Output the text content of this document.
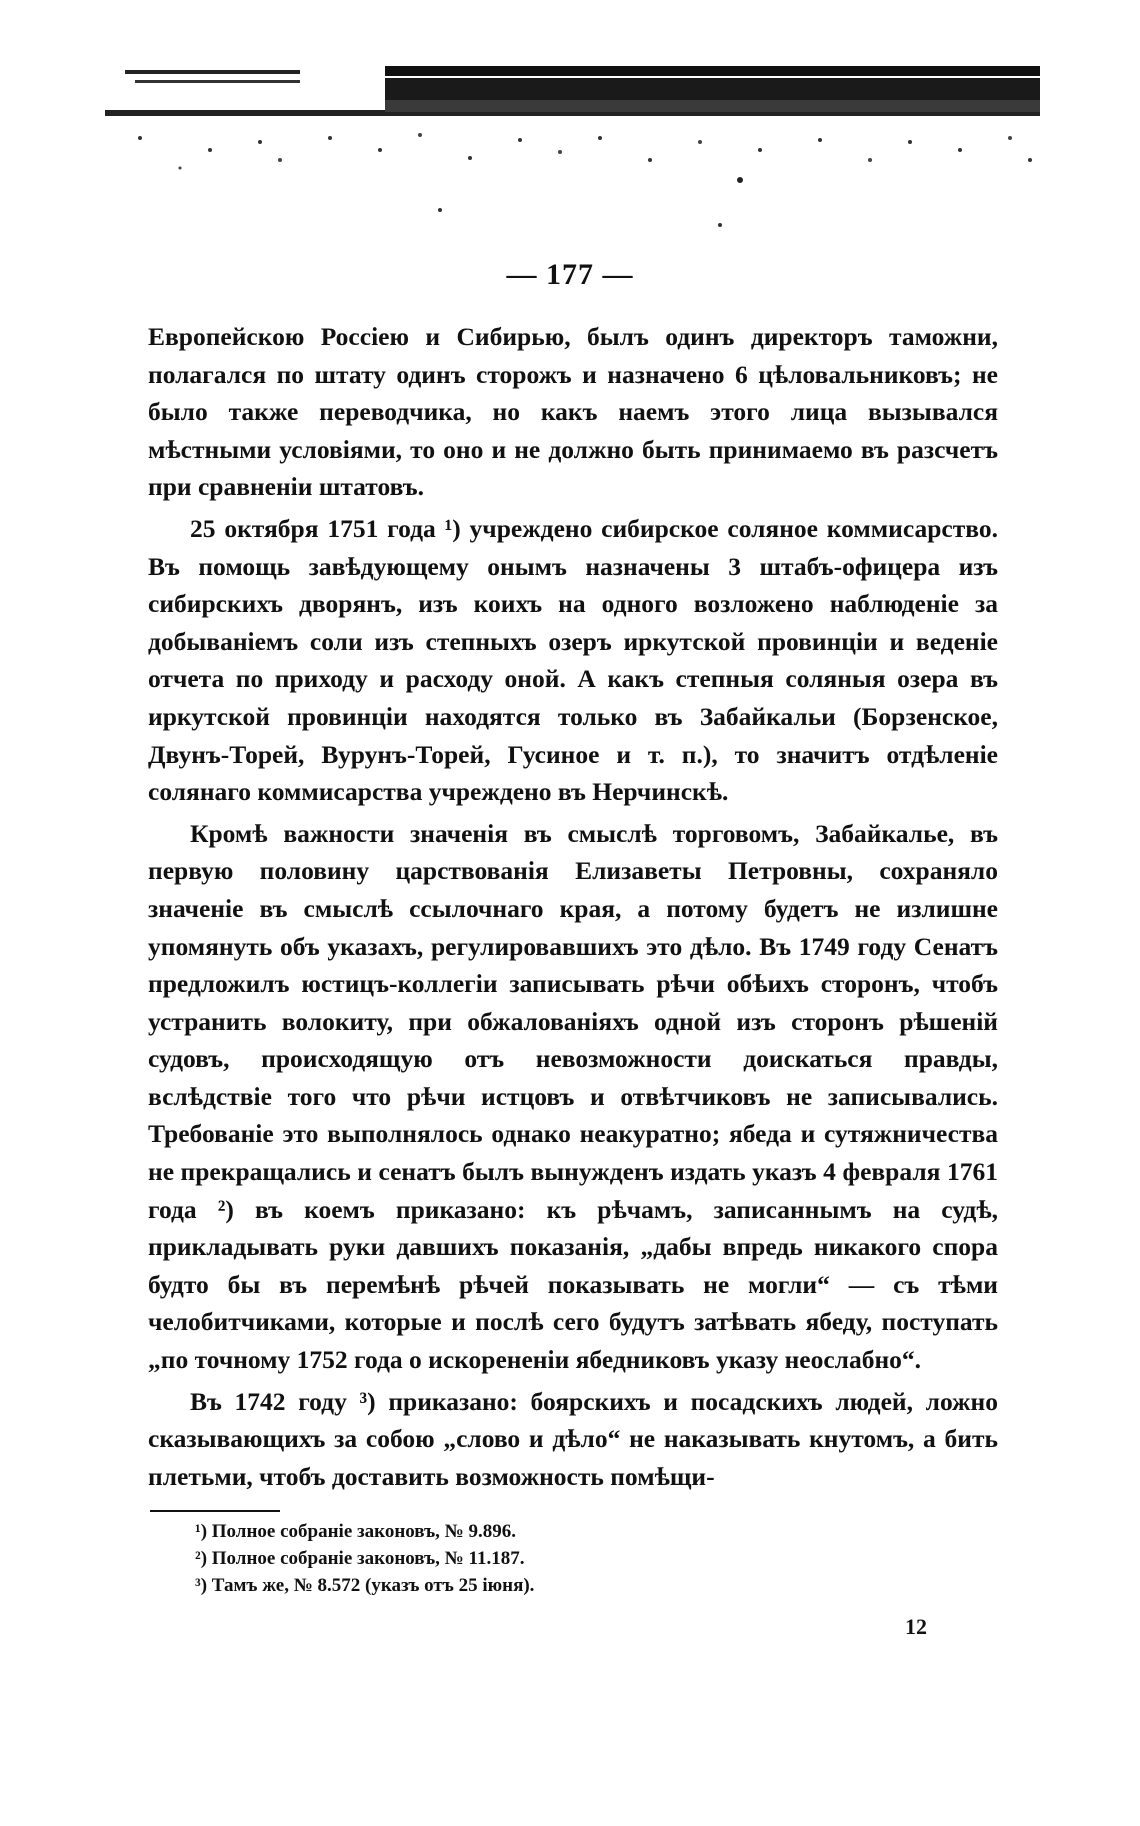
— 177 —

Европейскою Россіею и Сибирью, былъ одинъ директоръ таможни, полагался по штату одинъ сторожъ и назначено 6 цѣловальниковъ; не было также переводчика, но какъ наемъ этого лица вызывался мѣстными условіями, то оно и не должно быть принимаемо въ разсчетъ при сравненіи штатовъ.

25 октября 1751 года ¹) учреждено сибирское соляное коммисарство. Въ помощь завѣдующему онымъ назначены 3 штабъ-офицера изъ сибирскихъ дворянъ, изъ коихъ на одного возложено наблюденіе за добываніемъ соли изъ степныхъ озеръ иркутской провинціи и веденіе отчета по приходу и расходу оной. А какъ степныя соляныя озера въ иркутской провинціи находятся только въ Забайкальи (Борзенское, Двунъ-Торей, Вурунъ-Торей, Гусиное и т. п.), то значитъ отдѣленіе солянаго коммисарства учреждено въ Нерчинскѣ.

Кромѣ важности значенія въ смыслѣ торговомъ, Забайкалье, въ первую половину царствованія Елизаветы Петровны, сохраняло значеніе въ смыслѣ ссылочнаго края, а потому будетъ не излишне упомянуть объ указахъ, регулировавшихъ это дѣло. Въ 1749 году Сенатъ предложилъ юстицъ-коллегіи записывать рѣчи обѣихъ сторонъ, чтобъ устранить волокиту, при обжалованіяхъ одной изъ сторонъ рѣшеній судовъ, происходящую отъ невозможности доискаться правды, вслѣдствіе того что рѣчи истцовъ и отвѣтчиковъ не записывались. Требованіе это выполнялось однако неакуратно; ябеда и сутяжничества не прекращались и сенатъ былъ вынужденъ издать указъ 4 февраля 1761 года ²) въ коемъ приказано: къ рѣчамъ, записаннымъ на судѣ, прикладывать руки давшихъ показанія, „дабы впредь никакого спора будто бы въ перемѣнѣ рѣчей показывать не могли“ — съ тѣми челобитчиками, которые и послѣ сего будутъ затѣвать ябеду, поступать „по точному 1752 года о искорененіи ябедниковъ указу неослабно“.

Въ 1742 году ³) приказано: боярскихъ и посадскихъ людей, ложно сказывающихъ за собою „слово и дѣло“ не наказывать кнутомъ, а бить плетьми, чтобъ доставить возможность помѣщи-

¹) Полное собраніе законовъ, № 9.896.
²) Полное собраніе законовъ, № 11.187.
³) Тамъ же, № 8.572 (указъ отъ 25 іюня).
12
